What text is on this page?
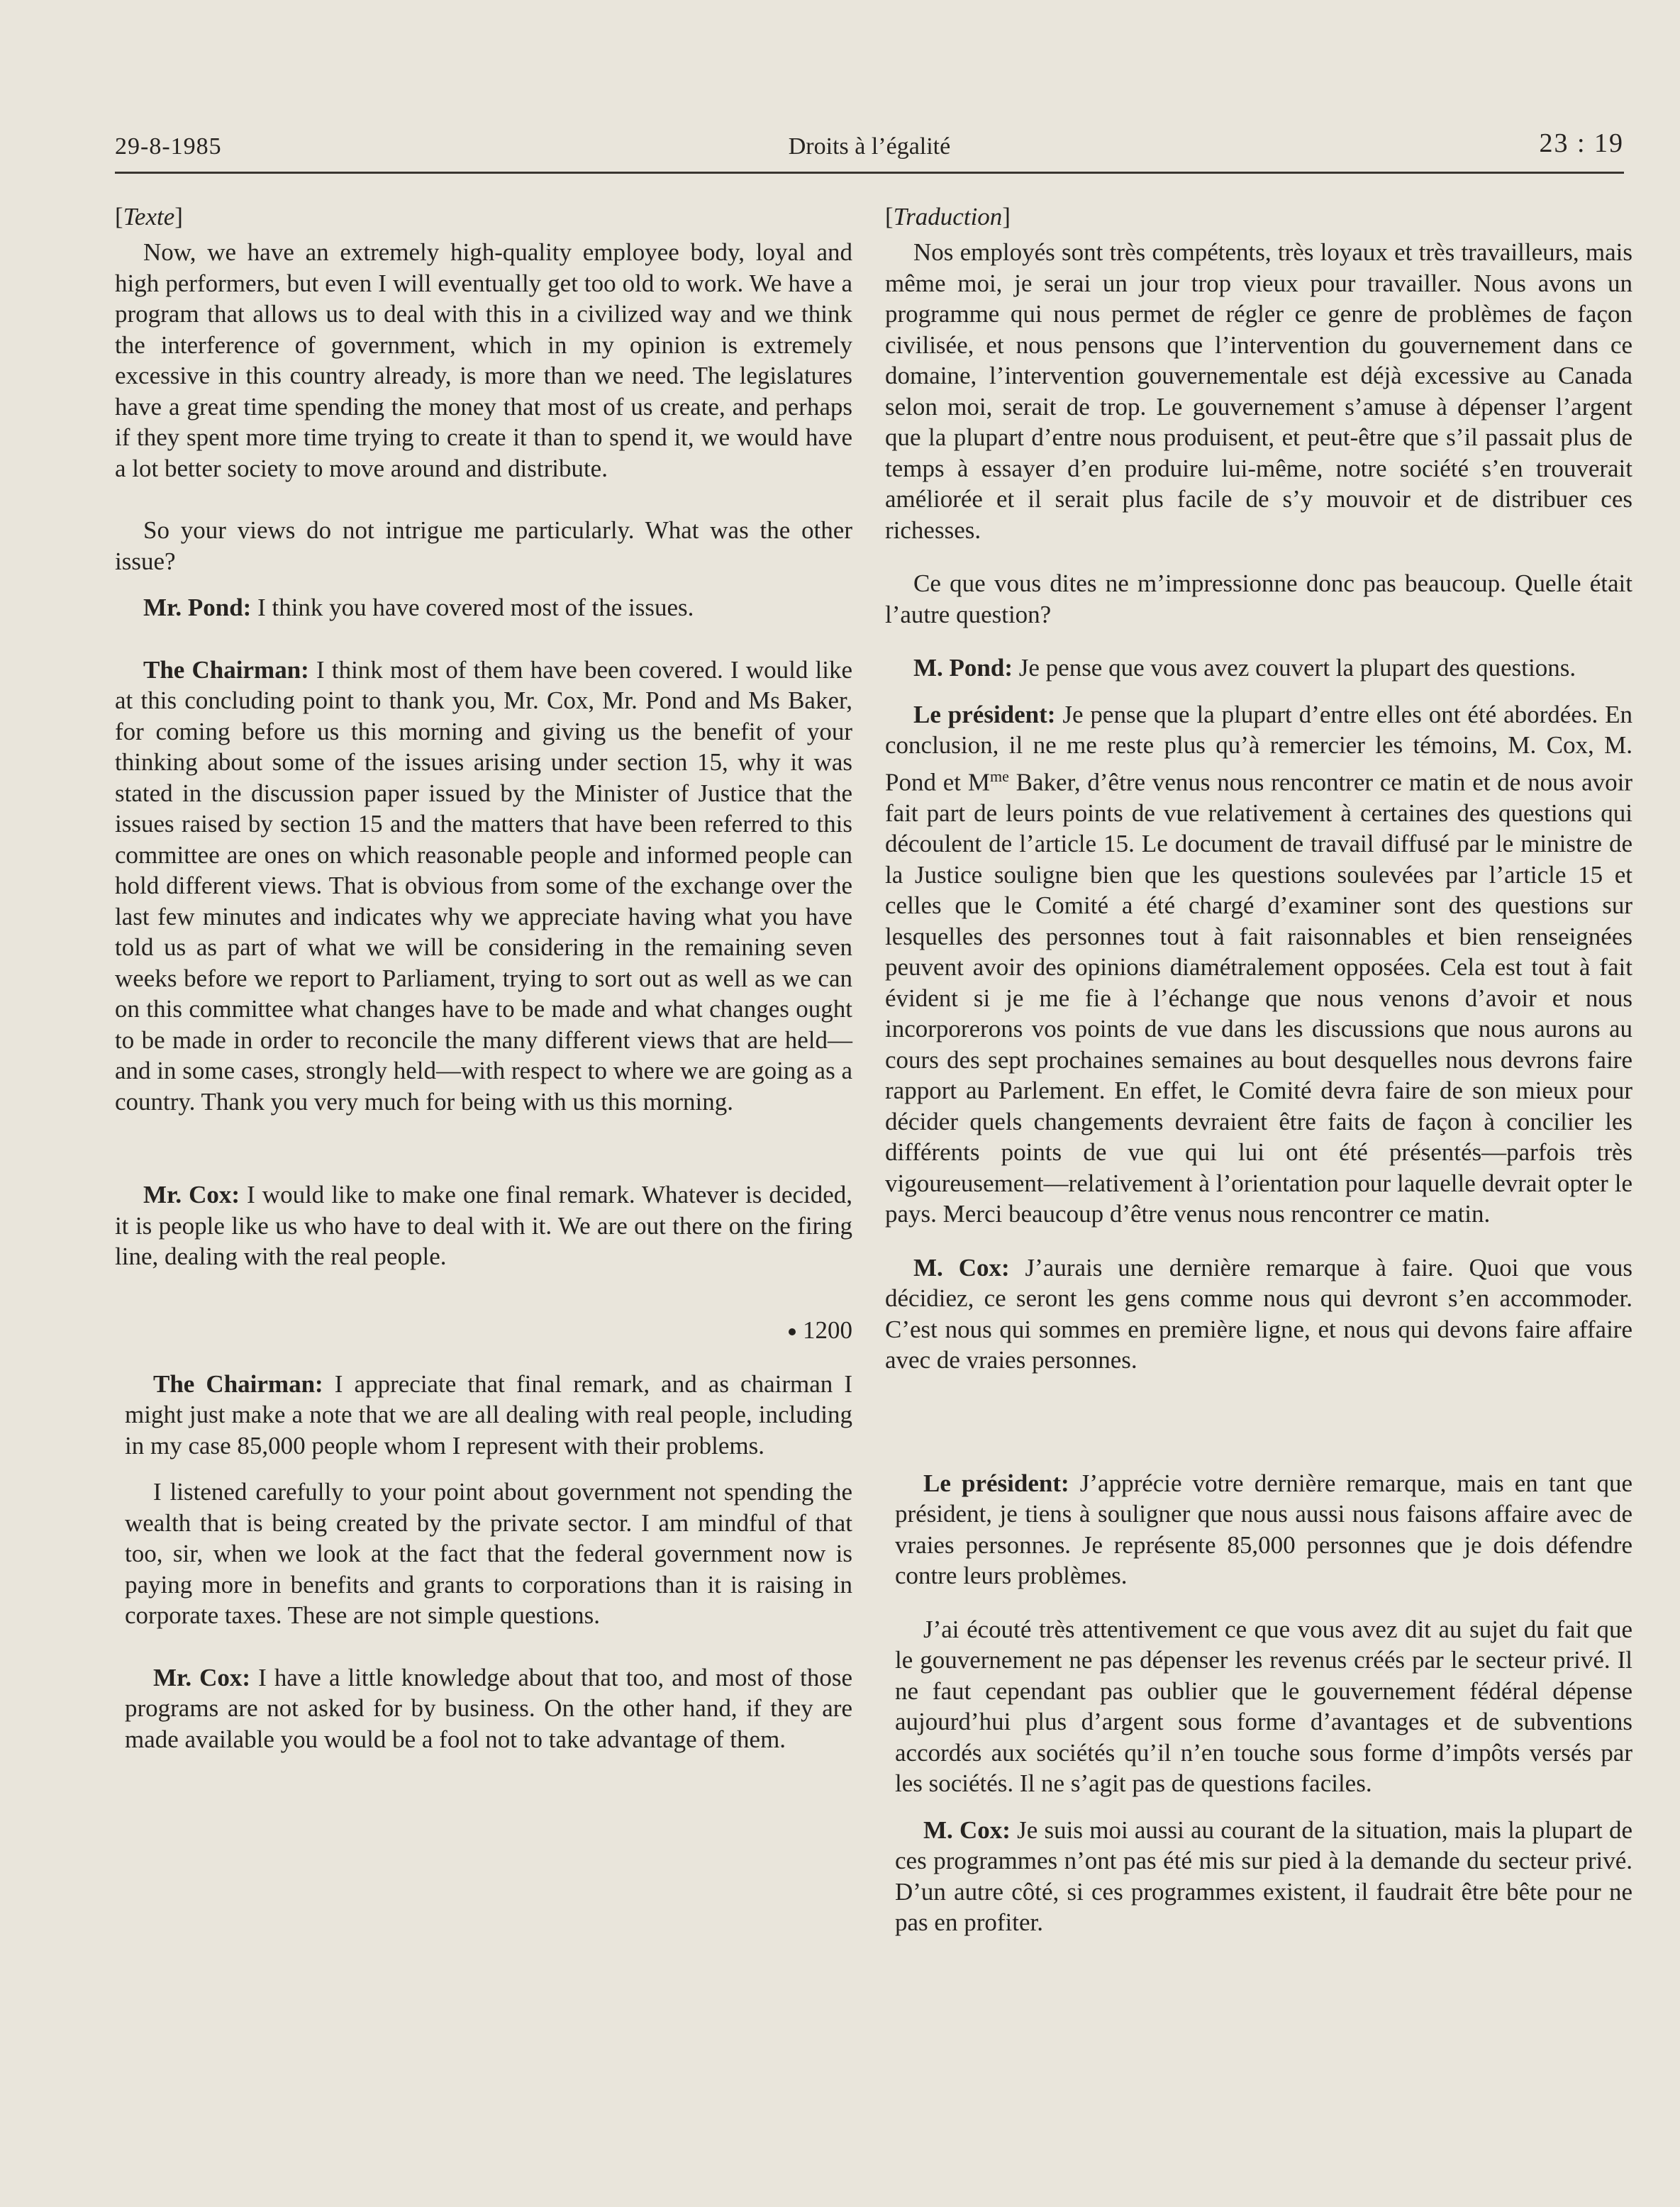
29-8-1985	Droits à l’égalité	23 : 19
[Texte]

Now, we have an extremely high-quality employee body, loyal and high performers, but even I will eventually get too old to work. We have a program that allows us to deal with this in a civilized way and we think the interference of government, which in my opinion is extremely excessive in this country already, is more than we need. The legislatures have a great time spending the money that most of us create, and perhaps if they spent more time trying to create it than to spend it, we would have a lot better society to move around and distribute.

So your views do not intrigue me particularly. What was the other issue?

Mr. Pond: I think you have covered most of the issues.

The Chairman: I think most of them have been covered. I would like at this concluding point to thank you, Mr. Cox, Mr. Pond and Ms Baker, for coming before us this morning and giving us the benefit of your thinking about some of the issues arising under section 15, why it was stated in the discussion paper issued by the Minister of Justice that the issues raised by section 15 and the matters that have been referred to this committee are ones on which reasonable people and informed people can hold different views. That is obvious from some of the exchange over the last few minutes and indicates why we appreciate having what you have told us as part of what we will be considering in the remaining seven weeks before we report to Parliament, trying to sort out as well as we can on this committee what changes have to be made and what changes ought to be made in order to reconcile the many different views that are held—and in some cases, strongly held—with respect to where we are going as a country. Thank you very much for being with us this morning.

Mr. Cox: I would like to make one final remark. Whatever is decided, it is people like us who have to deal with it. We are out there on the firing line, dealing with the real people.

1200

The Chairman: I appreciate that final remark, and as chairman I might just make a note that we are all dealing with real people, including in my case 85,000 people whom I represent with their problems.

I listened carefully to your point about government not spending the wealth that is being created by the private sector. I am mindful of that too, sir, when we look at the fact that the federal government now is paying more in benefits and grants to corporations than it is raising in corporate taxes. These are not simple questions.

Mr. Cox: I have a little knowledge about that too, and most of those programs are not asked for by business. On the other hand, if they are made available you would be a fool not to take advantage of them.

[Traduction]

Nos employés sont très compétents, très loyaux et très travailleurs, mais même moi, je serai un jour trop vieux pour travailler. Nous avons un programme qui nous permet de régler ce genre de problèmes de façon civilisée, et nous pensons que l’intervention du gouvernement dans ce domaine, l’intervention gouvernementale est déjà excessive au Canada selon moi, serait de trop. Le gouvernement s’amuse à dépenser l’argent que la plupart d’entre nous produisent, et peut-être que s’il passait plus de temps à essayer d’en produire lui-même, notre société s’en trouverait améliorée et il serait plus facile de s’y mouvoir et de distribuer ces richesses.

Ce que vous dites ne m’impressionne donc pas beaucoup. Quelle était l’autre question?

M. Pond: Je pense que vous avez couvert la plupart des questions.

Le président: Je pense que la plupart d’entre elles ont été abordées. En conclusion, il ne me reste plus qu’à remercier les témoins, M. Cox, M. Pond et $M^{me}$ Baker, d’être venus nous rencontrer ce matin et de nous avoir fait part de leurs points de vue relativement à certaines des questions qui découlent de l’article 15. Le document de travail diffusé par le ministre de la Justice souligne bien que les questions soulevées par l’article 15 et celles que le Comité a été chargé d’examiner sont des questions sur lesquelles des personnes tout à fait raisonnables et bien renseignées peuvent avoir des opinions diamétralement opposées. Cela est tout à fait évident si je me fie à l’échange que nous venons d’avoir et nous incorporerons vos points de vue dans les discussions que nous aurons au cours des sept prochaines semaines au bout desquelles nous devrons faire rapport au Parlement. En effet, le Comité devra faire de son mieux pour décider quels changements devraient être faits de façon à concilier les différents points de vue qui lui ont été présentés—parfois très vigoureusement—relativement à l’orientation pour laquelle devrait opter le pays. Merci beaucoup d’être venus nous rencontrer ce matin.

M. Cox: J’aurais une dernière remarque à faire. Quoi que vous décidiez, ce seront les gens comme nous qui devront s’en accommoder. C’est nous qui sommes en première ligne, et nous qui devons faire affaire avec de vraies personnes.

Le président: J’apprécie votre dernière remarque, mais en tant que président, je tiens à souligner que nous aussi nous faisons affaire avec de vraies personnes. Je représente 85,000 personnes que je dois défendre contre leurs problèmes.

J’ai écouté très attentivement ce que vous avez dit au sujet du fait que le gouvernement ne pas dépenser les revenus créés par le secteur privé. Il ne faut cependant pas oublier que le gouvernement fédéral dépense aujourd’hui plus d’argent sous forme d’avantages et de subventions accordés aux sociétés qu’il n’en touche sous forme d’impôts versés par les sociétés. Il ne s’agit pas de questions faciles.

M. Cox: Je suis moi aussi au courant de la situation, mais la plupart de ces programmes n’ont pas été mis sur pied à la demande du secteur privé. D’un autre côté, si ces programmes existent, il faudrait être bête pour ne pas en profiter.
